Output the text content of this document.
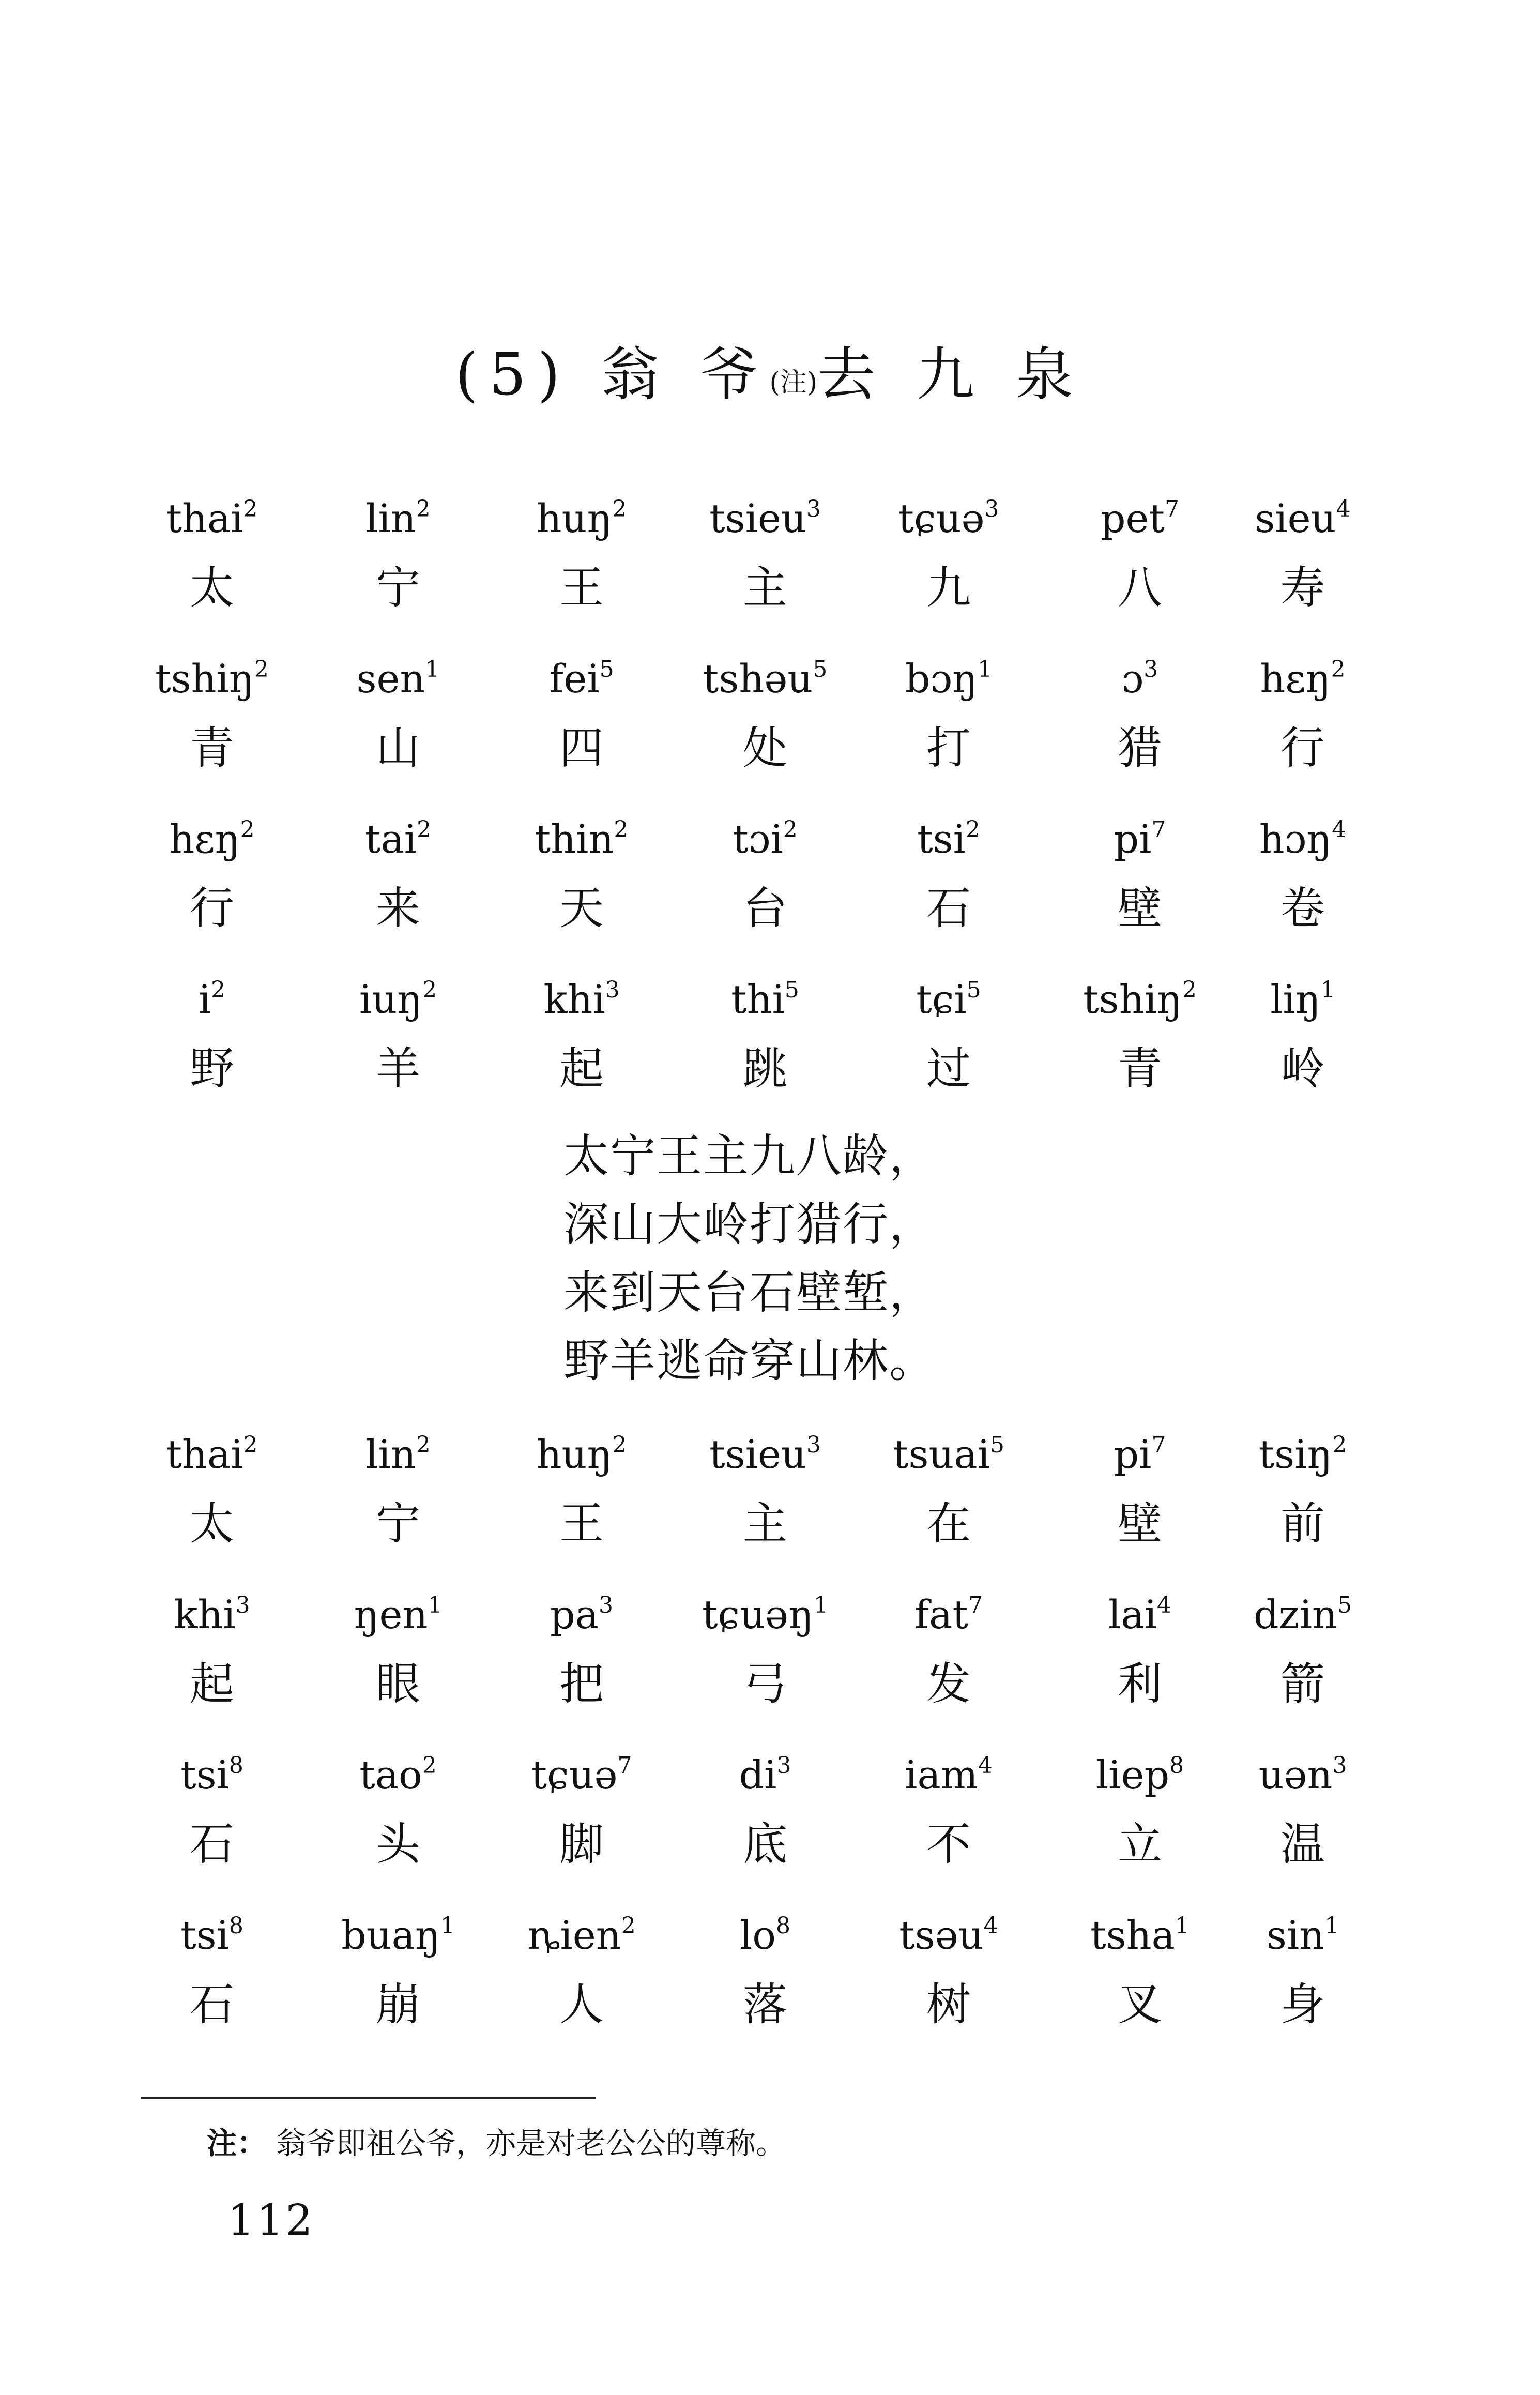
(5) 翁 爷(注)去 九 泉
thai$^2$	lin$^2$	huŋ$^2$	tsieu$^3$	tɕuə$^3$	pet$^7$	sieu$^4$
太	宁	王	主	九	八	寿
tshiŋ$^2$	sen$^1$	fei$^5$	tshəu$^5$	bɔŋ$^1$	ɔ$^3$	hɛŋ$^2$
青	山	四	处	打	猎	行
hɛŋ$^2$	tai$^2$	thin$^2$	tɔi$^2$	tsi$^2$	$pi^7$	hɔŋ$^4$
行	来	天	台	石	壁	卷
$i^2$	iuŋ$^2$	khi$^3$	thi$^5$	tɕi$^5$	tshiŋ$^2$	liŋ$^1$
野	羊	起	跳	过	青	岭
太宁王主九八龄，
深山大岭打猎行，
来到天台石壁堑，
野羊逃命穿山林。
thai$^2$	lin$^2$	huŋ$^2$	tsieu$^3$	tsuai$^5$	$pi^7$	tsiŋ$^2$
太	宁	王	主	在	壁	前
khi$^3$	ŋen$^1$	$pa^3$	tɕuəŋ$^1$	fat$^7$	lai$^4$	dzin$^5$
起	眼	把	弓	发	利	箭
tsi$^8$	tao$^2$	tɕuə$^7$	$di^3$	iam$^4$	liep$^8$	uən$^3$
石	头	脚	底	不	立	温
tsi$^8$	buaŋ$^1$	ȵien$^2$	$lo^8$	tsəu$^4$	tsha$^1$	$\sin^1$
石	崩	人	落	树	叉	身
注： 翁爷即祖公爷，亦是对老公公的尊称。
112
